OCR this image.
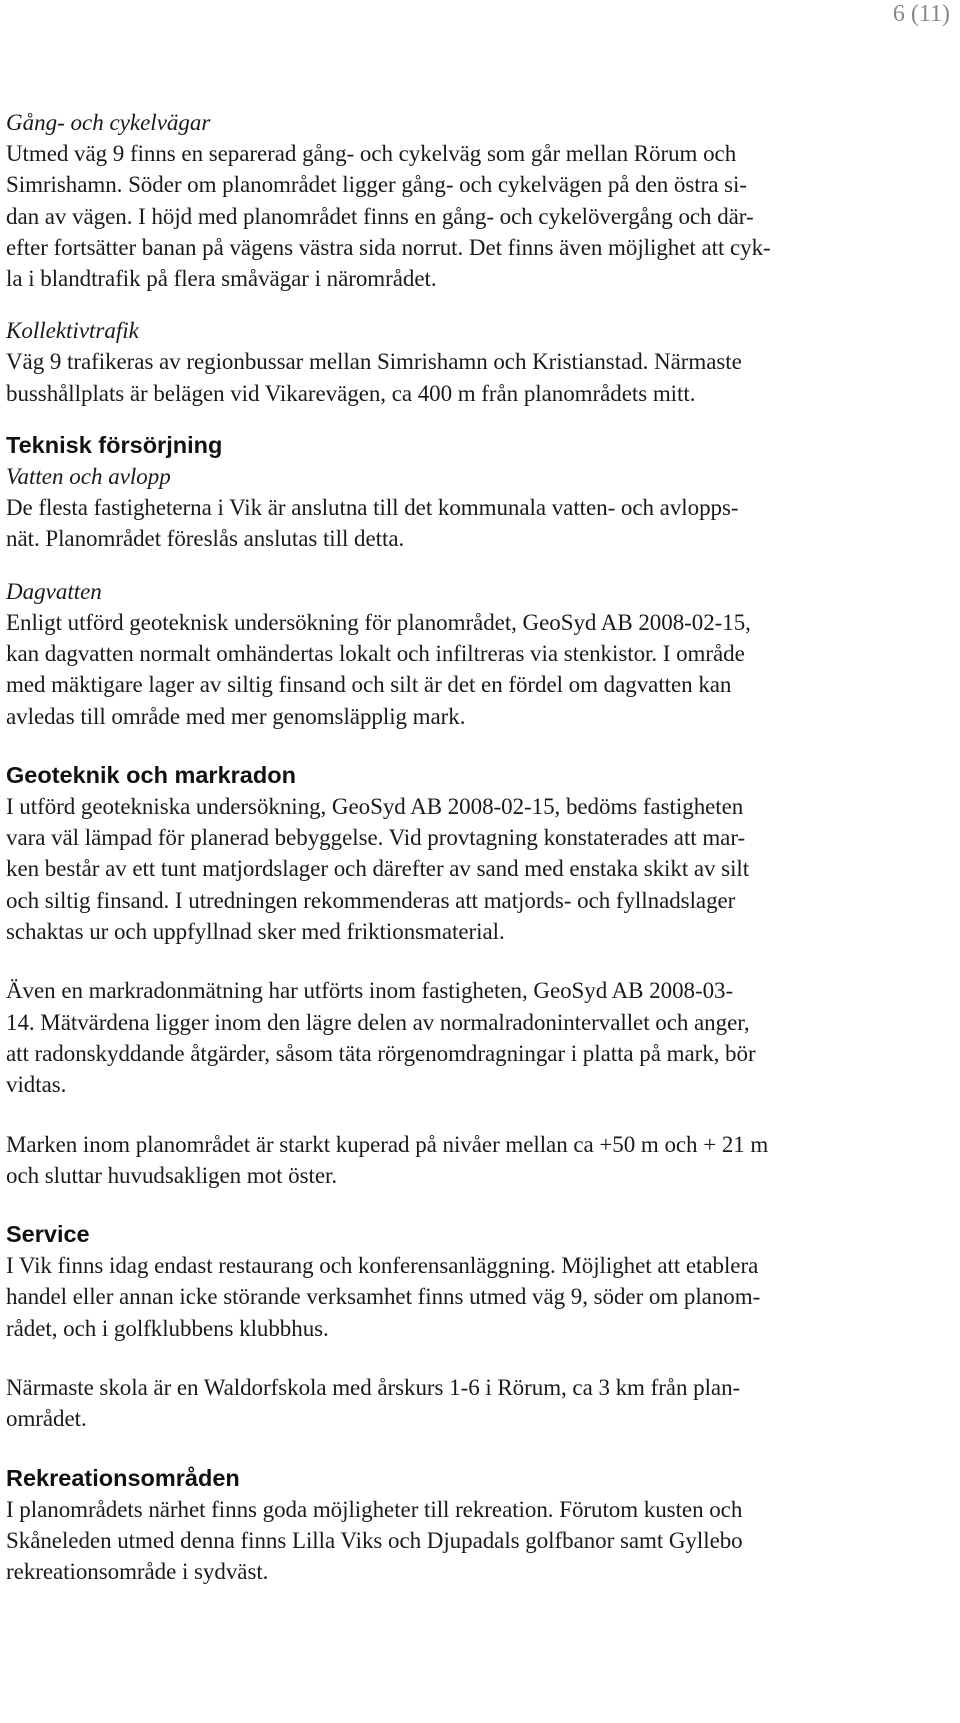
6 (11)

Gång- och cykelvägar

Utmed väg 9 finns en separerad gång- och cykelväg som går mellan Rörum och

Simrishamn. Söder om planområdet ligger gång- och cykelvägen på den östra si-

dan av vägen. I höjd med planområdet finns en gång- och cykelövergång och där-

efter fortsätter banan på vägens västra sida norrut. Det finns även möjlighet att cyk-

la i blandtrafik på flera småvägar i närområdet.

Kollektivtrafik

Väg 9 trafikeras av regionbussar mellan Simrishamn och Kristianstad. Närmaste

busshållplats är belägen vid Vikarevägen, ca 400 m från planområdets mitt.

Teknisk försörjning

Vatten och avlopp

De flesta fastigheterna i Vik är anslutna till det kommunala vatten- och avlopps-

nät. Planområdet föreslås anslutas till detta.

Dagvatten

Enligt utförd geoteknisk undersökning för planområdet, GeoSyd AB 2008-02-15,

kan dagvatten normalt omhändertas lokalt och infiltreras via stenkistor. I område

med mäktigare lager av siltig finsand och silt är det en fördel om dagvatten kan

avledas till område med mer genomsläpplig mark.

Geoteknik och markradon

I utförd geotekniska undersökning, GeoSyd AB 2008-02-15, bedöms fastigheten

vara väl lämpad för planerad bebyggelse. Vid provtagning konstaterades att mar-

ken består av ett tunt matjordslager och därefter av sand med enstaka skikt av silt

och siltig finsand. I utredningen rekommenderas att matjords- och fyllnadslager

schaktas ur och uppfyllnad sker med friktionsmaterial.

Även en markradonmätning har utförts inom fastigheten, GeoSyd AB 2008-03-

14. Mätvärdena ligger inom den lägre delen av normalradonintervallet och anger,

att radonskyddande åtgärder, såsom täta rörgenomdragningar i platta på mark, bör

vidtas.

Marken inom planområdet är starkt kuperad på nivåer mellan ca +50 m och + 21 m

och sluttar huvudsakligen mot öster.

Service

I Vik finns idag endast restaurang och konferensanläggning. Möjlighet att etablera

handel eller annan icke störande verksamhet finns utmed väg 9, söder om planom-

rådet, och i golfklubbens klubbhus.

Närmaste skola är en Waldorfskola med årskurs 1-6 i Rörum, ca 3 km från plan-

området.

Rekreationsområden

I planområdets närhet finns goda möjligheter till rekreation. Förutom kusten och

Skåneleden utmed denna finns Lilla Viks och Djupadals golfbanor samt Gyllebo

rekreationsområde i sydväst.
